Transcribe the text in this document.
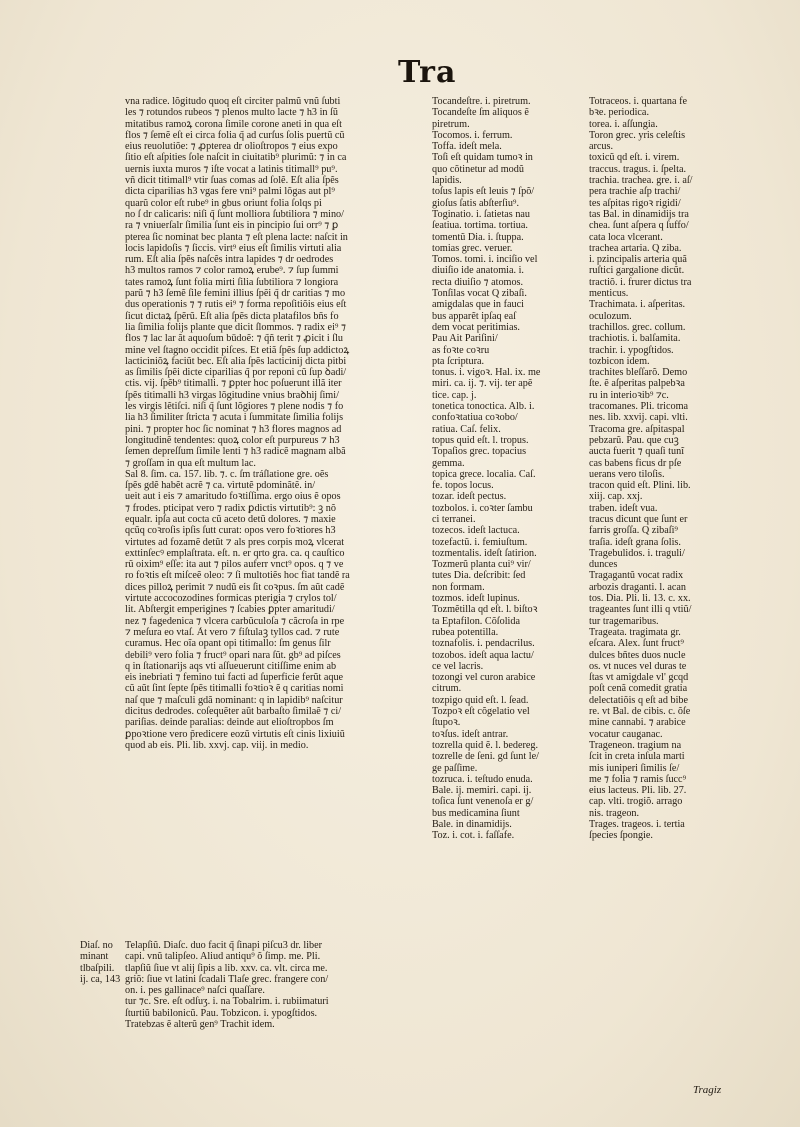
Tra
vna radice. lõgitudo quoq eſt circiter palmũ vnũ ſubti
les ⁊ rotundos rubeos ⁊ plenos multo lacte ⁊ h3 in ſũ
mitatibus ramoꝝ corona ſimile corone aneti in qua eſt
flos ⁊ ſemẽ eſt ei circa folia q̃ ad curſus ſolis puertũ cũ
eius reuolutiõe: ⁊ ꝓpterea dr olioſtropos ⁊ eius expo
ſitio eſt aſpities ſole naſcit in ciuitatib⁹ plurimũ: ⁊ in ca
uernis iuxta muros ⁊ iſte vocat a latinis titimall⁹ pu⁹.
vñ dicit titimall⁹ vtir ſuas comas ad ſolẽ. Eſt alia ſpẽs
dicta ciparilias h3 vgas fere vni⁹ palmi lõgas aut pl⁹
quarũ color eſt rube⁹ in gbus oriunt folia ſolqs pi
no ſ dr calicaris: niſi q̃ ſunt molliora ſubtiliora ⁊ mino/
ra ⁊ vniuerſalr ſimilia ſunt eis in pincipio ſui orr⁹ ⁊ ꝑ
pterea ſic nominat bec planta ⁊ eſt plena lacte: naſcit in
locis lapidoſis ⁊ ſiccis. virt⁹ eius eſt ſimilis virtuti alia
rum. Eſt alia ſpẽs naſcẽs intra lapides ⁊ dr oedrodes
h3 multos ramos ⁊ color ramoꝝ erube⁹. ⁊ ſup ſummi
tates ramoꝝ ſunt folia mirti ſilia ſubtiliora ⁊ longiora
parũ ⁊ h3 ſemẽ ſile femini illius ſpẽi q̃ dr caritias ⁊ mo
dus operationis ⁊ ⁊ rutis ei⁹ ⁊ forma repoſitiõis eius eſt
ſicut dictaꝝ ſpẽrũ. Eſt alia ſpẽs dicta platafilos bñs fo
lia ſimilia folijs plante que dicit ſlommos. ⁊ radix ei⁹ ⁊
flos ⁊ lac lar ãt aquoſum būdoẽ: ⁊ q̃ñ terit ⁊ ꝓicit i ſlu
mine vel ſtagno occidit piſces. Et etiã ſpẽs ſup addictoꝝ
lacticiniõꝝ faciũt bec. Eſt alia ſpẽs lacticinij dicta pitbi
as ſimilis ſpẽi dicte ciparilias q̃ por reponi cũ ſup ꝺadi/
ctis. vij. ſpẽb⁹ titimalli. ⁊ ꝑpter hoc poſuerunt illã iter
ſpẽs titimalli h3 virgas lõgitudine vnius braꝺhij ſimi/
les virgis lẽtiſci. niſi q̃ ſunt lõgiores ⁊ plene nodis ⁊ fo
lia h3 ſimiliter ſtricta ⁊ acuta i ſummitate ſimilia folijs
pini. ⁊ propter hoc ſic nominat ⁊ h3 flores magnos ad
longitudinẽ tendentes: quoꝝ color eſt purpureus ⁊ h3
ſemen depreſſum ſimile lenti ⁊ h3 radicẽ magnam albã
⁊ groſſam in qua eſt multum lac.
Sal 8. ſim. ca. 157. lib. ⁊. c. ſm tráſlatione gre. oẽs
ſpẽs gdẽ habẽt acrẽ ⁊ ca. vìrtutẽ pdominãtẽ. in/
ueit aut i eis ⁊ amaritudo foꝛtiſſima. ergo oius ẽ opos
⁊ frodes. pticipat vero ⁊ radix ꝑdictis virtutib⁹: ꝫ nõ
equalr. ipſa aut cocta cũ aceto detũ dolores. ⁊ maxie
qcũq coꝛroſis ipſis ſutt curat: opos vero foꝛtiores h3
virtutes ad fozamẽ detũt ⁊ als pres corpis moꝝ vlcerat
exttinſecꝰ emplaſtrata. eſt. n. er qrto gra. ca. q cauſtico
rũ oixim⁹ eſſe: ita aut ⁊ pilos auferr vnct⁹ opos. q ⁊ ve
ro foꝛtis eſt miſceẽ oleo: ⁊ ſi multotiẽs hoc fiat tandẽ ra
dices pilloꝝ perimit ⁊ nudũ eis ſit coꝛpus. ſm aũt cadẽ
virtute accocozodines formicas pterigia ⁊ crylos tol/
lit. Abſtergit emperigines ⁊ ſcabies ꝑpter amaritudi/
nez ⁊ fagedenica ⁊ vlcera carbũculoſa ⁊ cãcroſa in rpe
⁊ meſura eo vtaſ. Ãt vero ⁊ fiſtulaꝫ tyllos cad. ⁊ rute
curamus. Hec oĩa opant opi titimallo: ſm genus ſilr
debili⁹ vero folia ⁊ fruct⁹ opari nara ſũt. gb⁹ ad piſces
q in ſtationarijs aqs vti aſſueuerunt citiſſime enim ab
eis inebriati ⁊ femino tui facti ad ſuperficie ferũt aque
cũ aũt ſint ſepte ſpẽs titimalli foꝛtioꝛ ẽ q caritias nomi
naſ que ⁊ maſculi gdã nominant: q in lapidib⁹ naſcitur
dicitus dedrodes. coſequẽter aũt barbaſto ſimilaẽ ⁊ ci/
pariſias. deinde paralias: deinde aut elioſtropbos ſm
ꝑpoꝛtione vero p̃redicere eozũ virtutis eſt cinis lixiuiũ
quod ab eis. Pli. lib. xxvj. cap. viij. in medio.
Tocandeſtre. i. piretrum.
Tocandeſte ſm aliquos ẽ
piretrum.
Tocomos. i. ferrum.
Toffa. ideſt mela.
Toſi eſt quidam tumoꝛ in
quo cõtinetur ad modũ
lapidis.
toſus lapis eſt leuis ⁊ ſpõ/
gioſus ſatis abſterſiu⁹.
Toginatio. i. ſatietas nau
ſeatiua. tortima. tortiua.
tomentũ Dia. i. ſtuppa.
tomias grec. veruer.
Tomos. tomi. i. inciſio vel
diuiſio ide anatomia. i.
recta diuiſio ⁊ atomos.
Tonſilas vocat Q zibaſi.
amigdalas que in fauci
bus apparẽt ipſaq eaſ
dem vocat peritimias.
Pau Ait Pariſini/
as foꝛte coꝛru
pta ſcriptura.
tonus. i. vigoꝛ. Hal. ix. me
miri. ca. ij. ⁊. vij. ter apẽ
tice. cap. j.
tonetica tonoctica. Alb. i.
confoꝛtatiua coꝛobo/
ratiua. Caſ. felix.
topus quid eſt. l. tropus.
Topaſios grec. topacius
gemma.
topica grece. localia. Caſ.
fe. topos locus.
tozar. ideſt pectus.
tozbolos. i. coꝛter ſambu
ci terranei.
tozecos. ideſt lactuca.
tozefactũ. i. femiuſtum.
tozmentalis. ideſt ſatirion.
Tozmerũ planta cui⁹ vir/
tutes Dia. deſcribit: ſed
non formam.
tozmos. ideſt lupinus.
Tozmẽtilla qd eſt. l. biſtoꝛ
ta Eptafilon. Cõſolida
rubea potentilla.
toznafolis. i. pendacrilus.
tozobos. ideſt aqua lactu/
ce vel lacris.
tozongi vel curon arabice
citrum.
tozpigo quid eſt. l. ſead.
Tozpoꝛ eſt cõgelatio vel
ſtupoꝛ.
toꝛſus. ideſt antrar.
tozrella quid ẽ. l. bedereg.
tozrelle de ſeni. gd ſunt le/
ge paſſime.
tozruca. i. teſtudo enuda.
Bale. ij. memiri. capi. ij.
toſica ſunt venenoſa er g/
bus medicamina ſiunt
Bale. in dinamidijs.
Toz. i. cot. i. faſſafe.
Totraceos. i. quartana fe
bꝛe. periodica.
torea. i. aſſungia.
Toron grec. yris celeſtis
arcus.
toxicũ qd eſt. i. virem.
traccus. tragus. i. ſpelta.
trachia. trachea. gre. i. aſ/
pera trachie aſp trachi/
tes aſpitas rigoꝛ rigidi/
tas Bal. in dinamidijs tra
chea. ſunt aſpera q ſuffo/
cata loca vlcerant.
trachea artaria. Q ziba.
i. pzincipalis arteria quã
ruſtici gargalione dicũt.
tractiõ. i. frurer dictus tra
menticus.
Trachimata. i. aſperitas.
oculozum.
trachillos. grec. collum.
trachiotis. i. balſamita.
trachir. i. ypogſtidos.
tozbicon idem.
trachites bleſſarõ. Demo
ſte. ẽ aſperitas palpebꝛa
ru in interioꝛib⁹ ⁊c.
tracomanes. Pli. tricoma
nes. lib. xxvij. capi. vlti.
Tracoma gre. aſpitaspal
pebzarũ. Pau. que cuꝫ
aucta fuerit ⁊ quaſi tunĩ
cas babens ficus dr pſe
uerans vero tiloſis.
tracon quid eſt. Plini. lib.
xiij. cap. xxj.
traben. ideſt vua.
tracus dicunt que ſunt er
farris groſſa. Q zibaſi⁹
traſia. ideſt grana ſolis.
Tragebulidos. i. traguli/
dunces
Tragagantũ vocat radix
arbozis draganti. l. acan
tos. Dia. Pli. li. 13. c. xx.
trageantes ſunt illi q vtiũ/
tur tragemaribus.
Trageata. tragimata gr.
eſcara. Alex. ſunt fruct⁹
dulces bñtes duos nucle
os. vt nuces vel duras te
ſtas vt amigdale vl' gcqd
poſt cenã comedit gratia
delectatiõis q eſt ad bibe
re. vt Bal. de cibis. c. õſe
mine cannabi. ⁊ arabice
vocatur cauganac.
Trageneon. tragium na
ſcit in creta inſula marti
mis iuniperi ſimilis ſe/
me ⁊ folia ⁊ ramis ſucc⁹
eius lacteus. Pli. lib. 27.
cap. vlti. trogiõ. arrago
nis. trageon.
Trages. trageos. i. tertia
ſpecies ſpongie.
Telapſiũ. Diaſc. duo facit q̃ ſinapi piſcu3 dr. liber
capi. vnũ talipſeo. Aliud antiqu⁹ õ ſimp. me. Pli.
tlapſiũ ſiue vt alij ſipis a lib. xxv. ca. vlt. circa me.
griõ: ſiue vt latini ſcadali Tlaſe grec. frangere con/
on. i. pes gallinace⁹ naſci quaſſare.
tur ⁊c. Sre. eſt odſuʒ. i. na Tobalrim. i. rubiimaturi
ſturtiũ babilonicũ. Pau. Tobzicon. i. ypogſtidos.
Tratebzas ẽ alterũ gen⁹ Trachit idem.
Diaſ. no
minant
tlbaſpili.
ij. ca, 143
Tragiz
